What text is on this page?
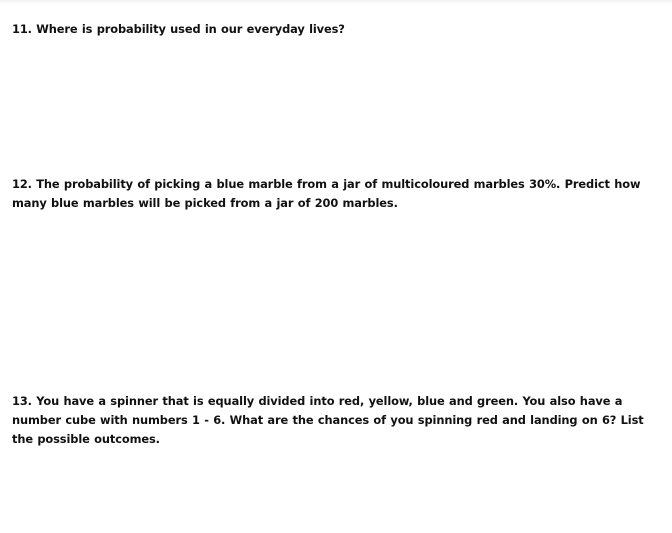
11. Where is probability used in our everyday lives?
12. The probability of picking a blue marble from a jar of multicoloured marbles 30%. Predict how many blue marbles will be picked from a jar of 200 marbles.
13. You have a spinner that is equally divided into red, yellow, blue and green. You also have a number cube with numbers 1 - 6. What are the chances of you spinning red and landing on 6? List the possible outcomes.
